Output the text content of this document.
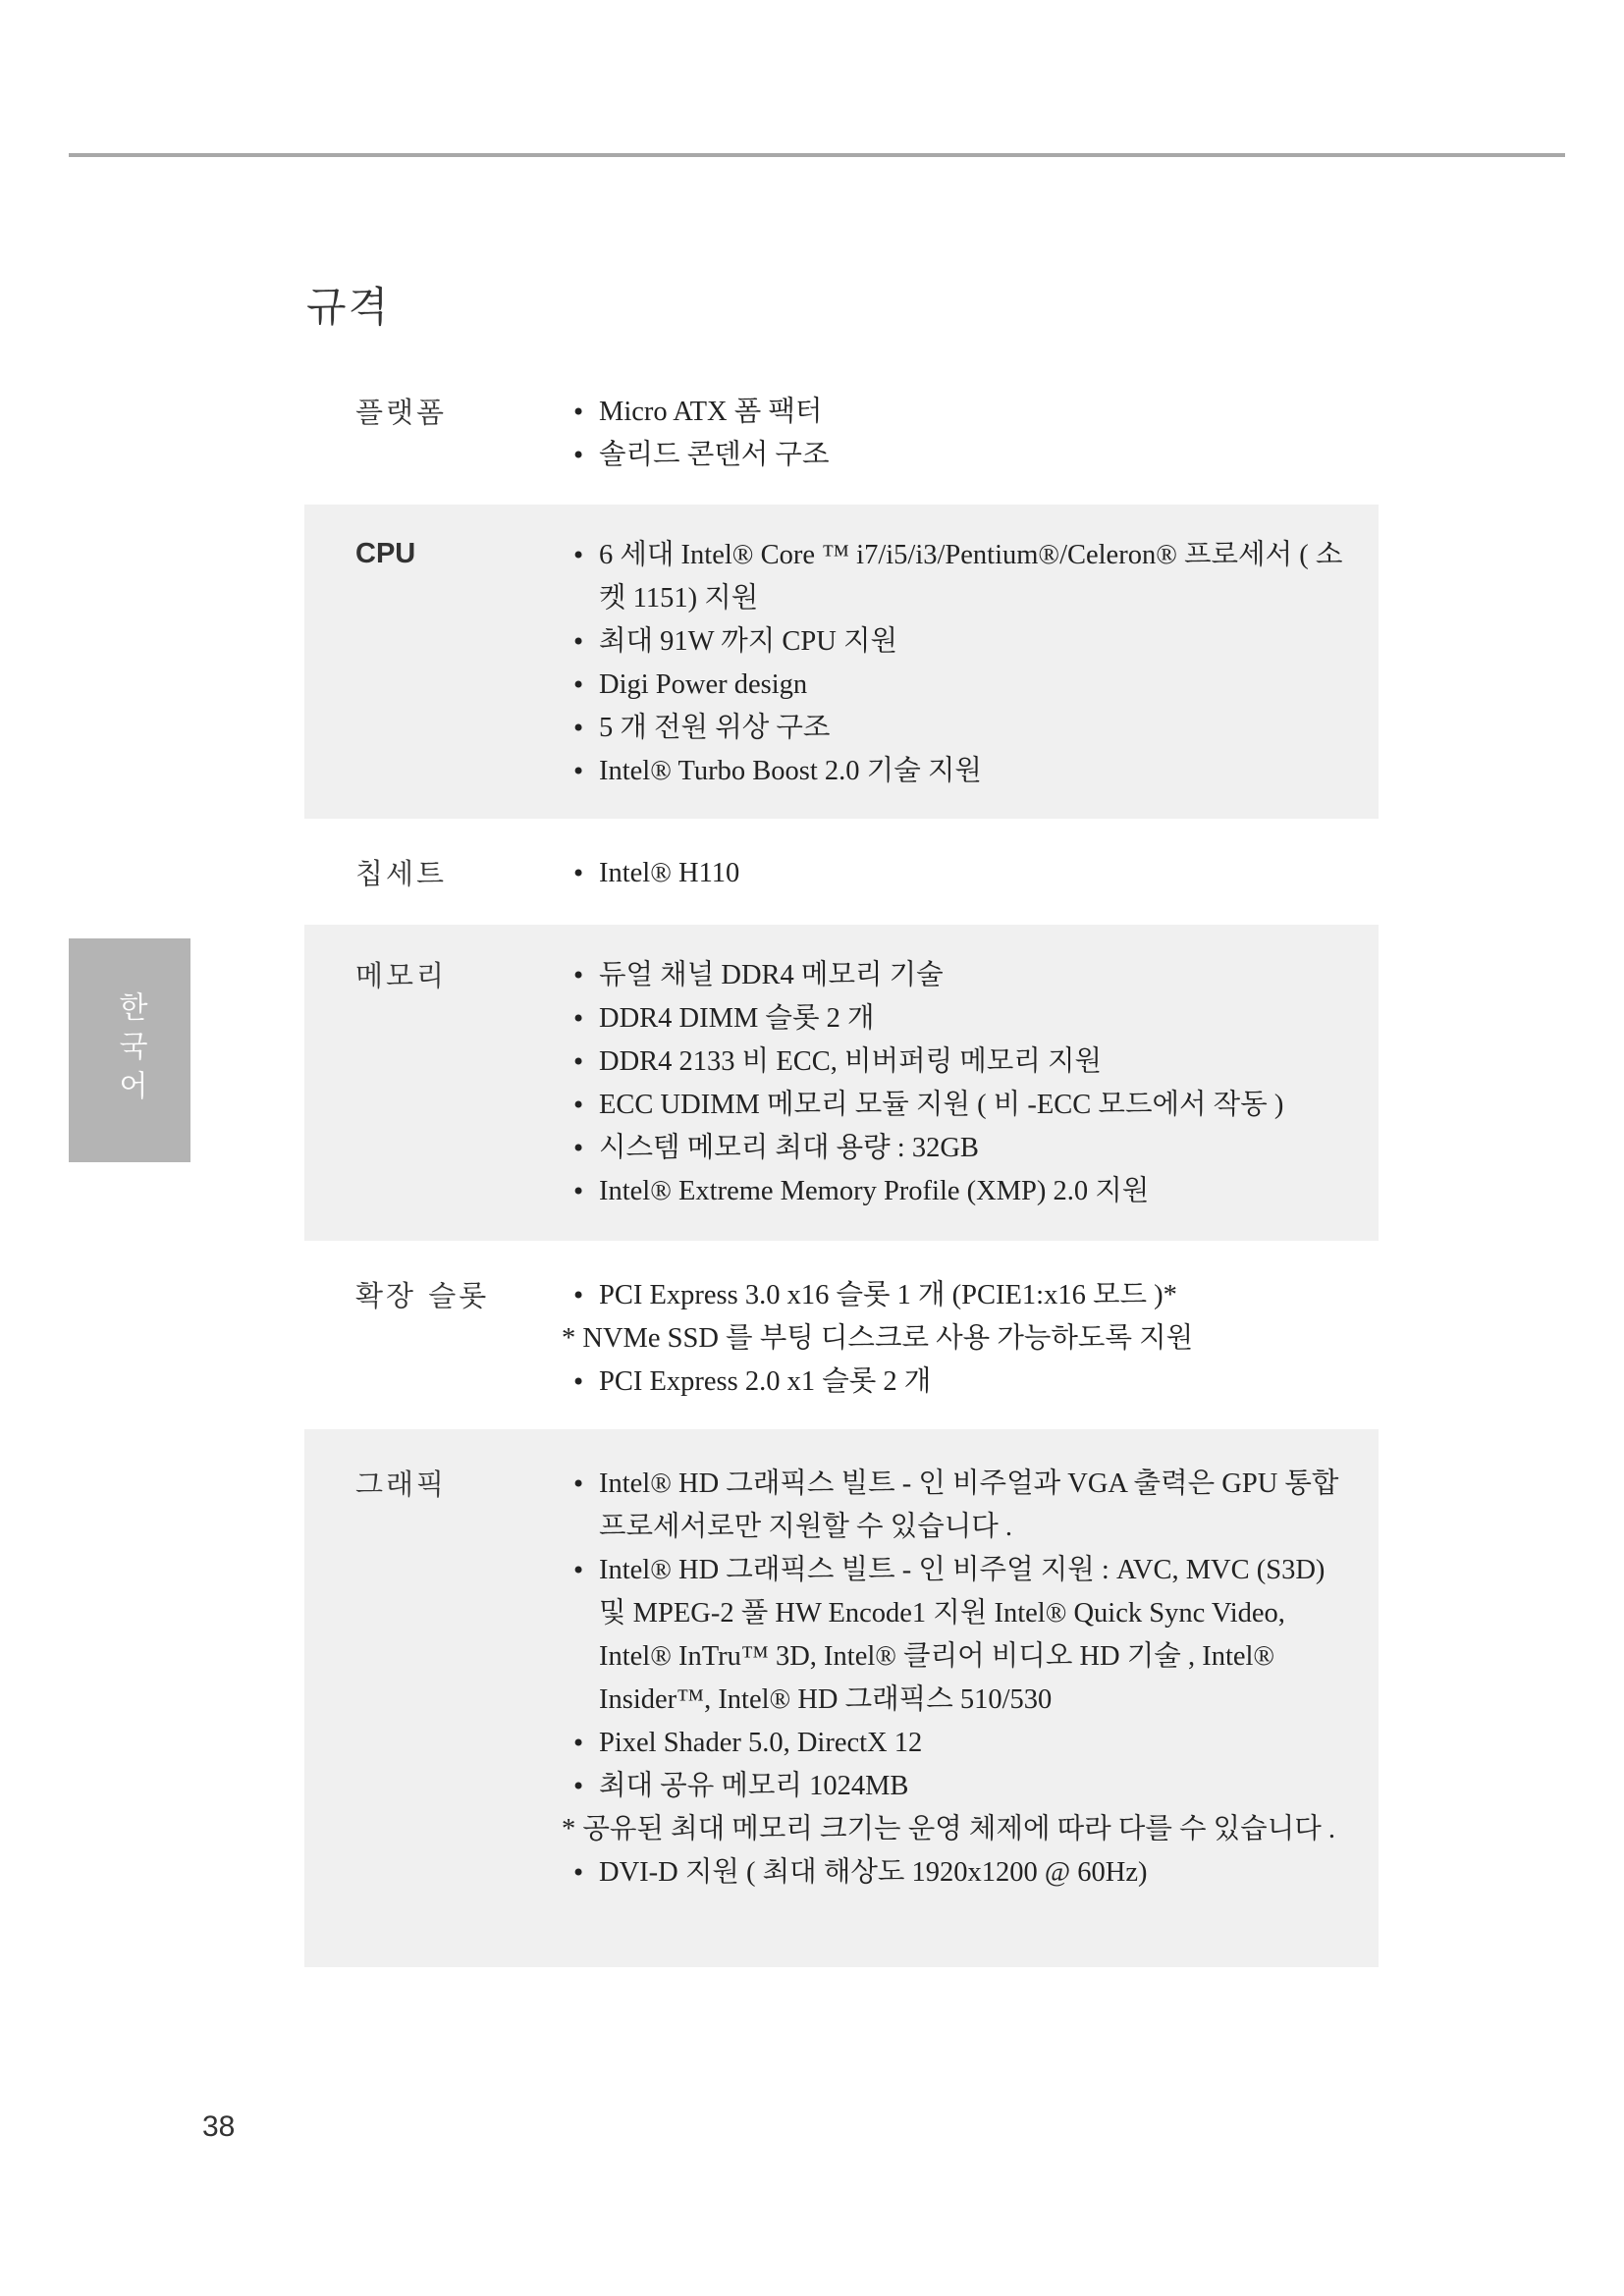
한국어
규격
플랫폼	• Micro ATX 폼 팩터
• 솔리드 콘덴서 구조
CPU	• 6 세대 Intel® Core ™ i7/i5/i3/Pentium®/Celeron® 프로세서 ( 소켓 1151) 지원
• 최대 91W 까지 CPU 지원
• Digi Power design
• 5 개 전원 위상 구조
• Intel® Turbo Boost 2.0 기술 지원
칩세트	• Intel® H110
메모리	• 듀얼 채널 DDR4 메모리 기술
• DDR4 DIMM 슬롯 2 개
• DDR4 2133 비 ECC, 비버퍼링 메모리 지원
• ECC UDIMM 메모리 모듈 지원 ( 비 -ECC 모드에서 작동 )
• 시스템 메모리 최대 용량 : 32GB
• Intel® Extreme Memory Profile (XMP) 2.0 지원
확장 슬롯	• PCI Express 3.0 x16 슬롯 1 개 (PCIE1:x16 모드 )*
* NVMe SSD 를 부팅 디스크로 사용 가능하도록 지원
• PCI Express 2.0 x1 슬롯 2 개
그래픽	• Intel® HD 그래픽스 빌트 - 인 비주얼과 VGA 출력은 GPU 통합 프로세서로만 지원할 수 있습니다 .
• Intel® HD 그래픽스 빌트 - 인 비주얼 지원 : AVC, MVC (S3D) 및 MPEG-2 풀 HW Encode1 지원 Intel® Quick Sync Video, Intel® InTru™ 3D, Intel® 클리어 비디오 HD 기술 , Intel® Insider™, Intel® HD 그래픽스 510/530
• Pixel Shader 5.0, DirectX 12
• 최대 공유 메모리 1024MB
* 공유된 최대 메모리 크기는 운영 체제에 따라 다를 수 있습니다 .
• DVI-D 지원 ( 최대 해상도 1920x1200 @ 60Hz)
38
